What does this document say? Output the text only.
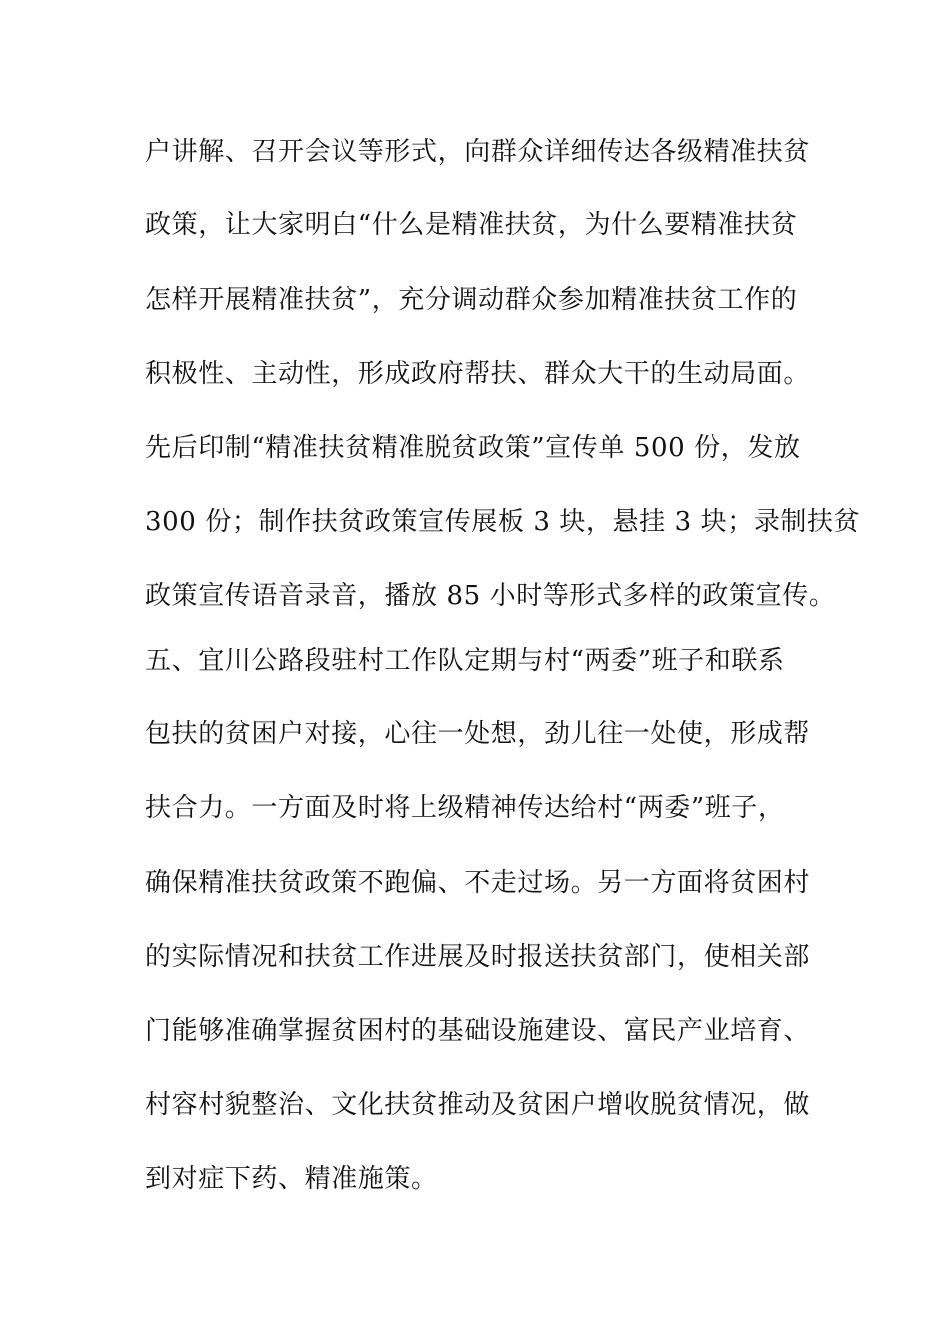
户讲解、召开会议等形式，向群众详细传达各级精准扶贫
政策，让大家明白“什么是精准扶贫，为什么要精准扶贫
怎样开展精准扶贫”，充分调动群众参加精准扶贫工作的
积极性、主动性，形成政府帮扶、群众大干的生动局面。
先后印制“精准扶贫精准脱贫政策”宣传单 500 份，发放
300 份；制作扶贫政策宣传展板 3 块，悬挂 3 块；录制扶贫
政策宣传语音录音，播放 85 小时等形式多样的政策宣传。
五、宜川公路段驻村工作队定期与村“两委”班子和联系
包扶的贫困户对接，心往一处想，劲儿往一处使，形成帮
扶合力。一方面及时将上级精神传达给村“两委”班子，
确保精准扶贫政策不跑偏、不走过场。另一方面将贫困村
的实际情况和扶贫工作进展及时报送扶贫部门，使相关部
门能够准确掌握贫困村的基础设施建设、富民产业培育、
村容村貌整治、文化扶贫推动及贫困户增收脱贫情况，做
到对症下药、精准施策。
